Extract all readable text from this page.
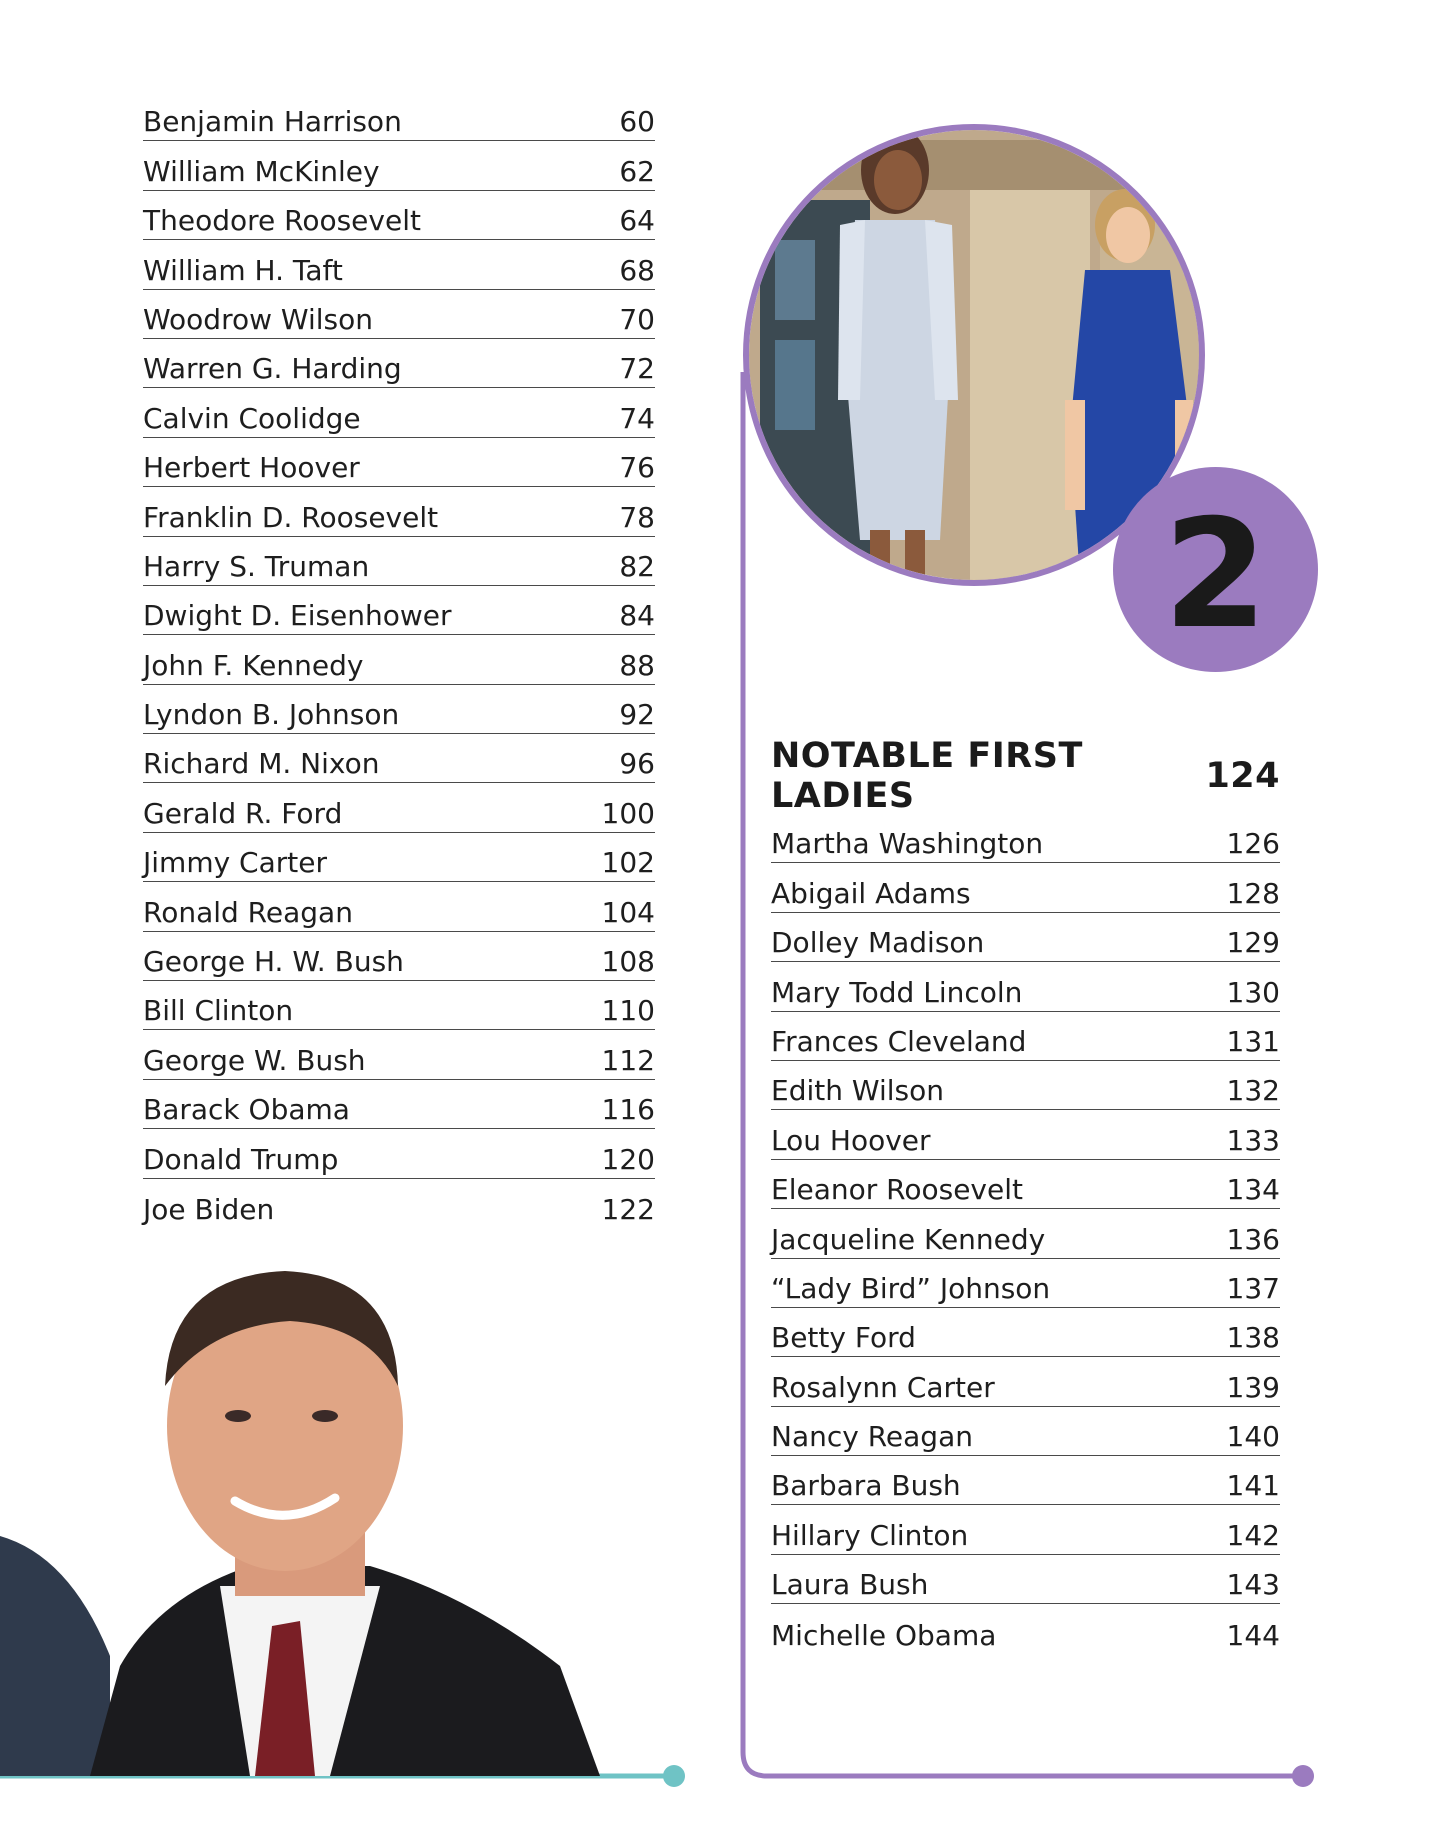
2
Benjamin Harrison	60
William McKinley	62
Theodore Roosevelt	64
William H. Taft	68
Woodrow Wilson	70
Warren G. Harding	72
Calvin Coolidge	74
Herbert Hoover	76
Franklin D. Roosevelt	78
Harry S. Truman	82
Dwight D. Eisenhower	84
John F. Kennedy	88
Lyndon B. Johnson	92
Richard M. Nixon	96
Gerald R. Ford	100
Jimmy Carter	102
Ronald Reagan	104
George H. W. Bush	108
Bill Clinton	110
George W. Bush	112
Barack Obama	116
Donald Trump	120
Joe Biden	122
NOTABLE FIRST LADIES	124
Martha Washington	126
Abigail Adams	128
Dolley Madison	129
Mary Todd Lincoln	130
Frances Cleveland	131
Edith Wilson	132
Lou Hoover	133
Eleanor Roosevelt	134
Jacqueline Kennedy	136
“Lady Bird” Johnson	137
Betty Ford	138
Rosalynn Carter	139
Nancy Reagan	140
Barbara Bush	141
Hillary Clinton	142
Laura Bush	143
Michelle Obama	144
